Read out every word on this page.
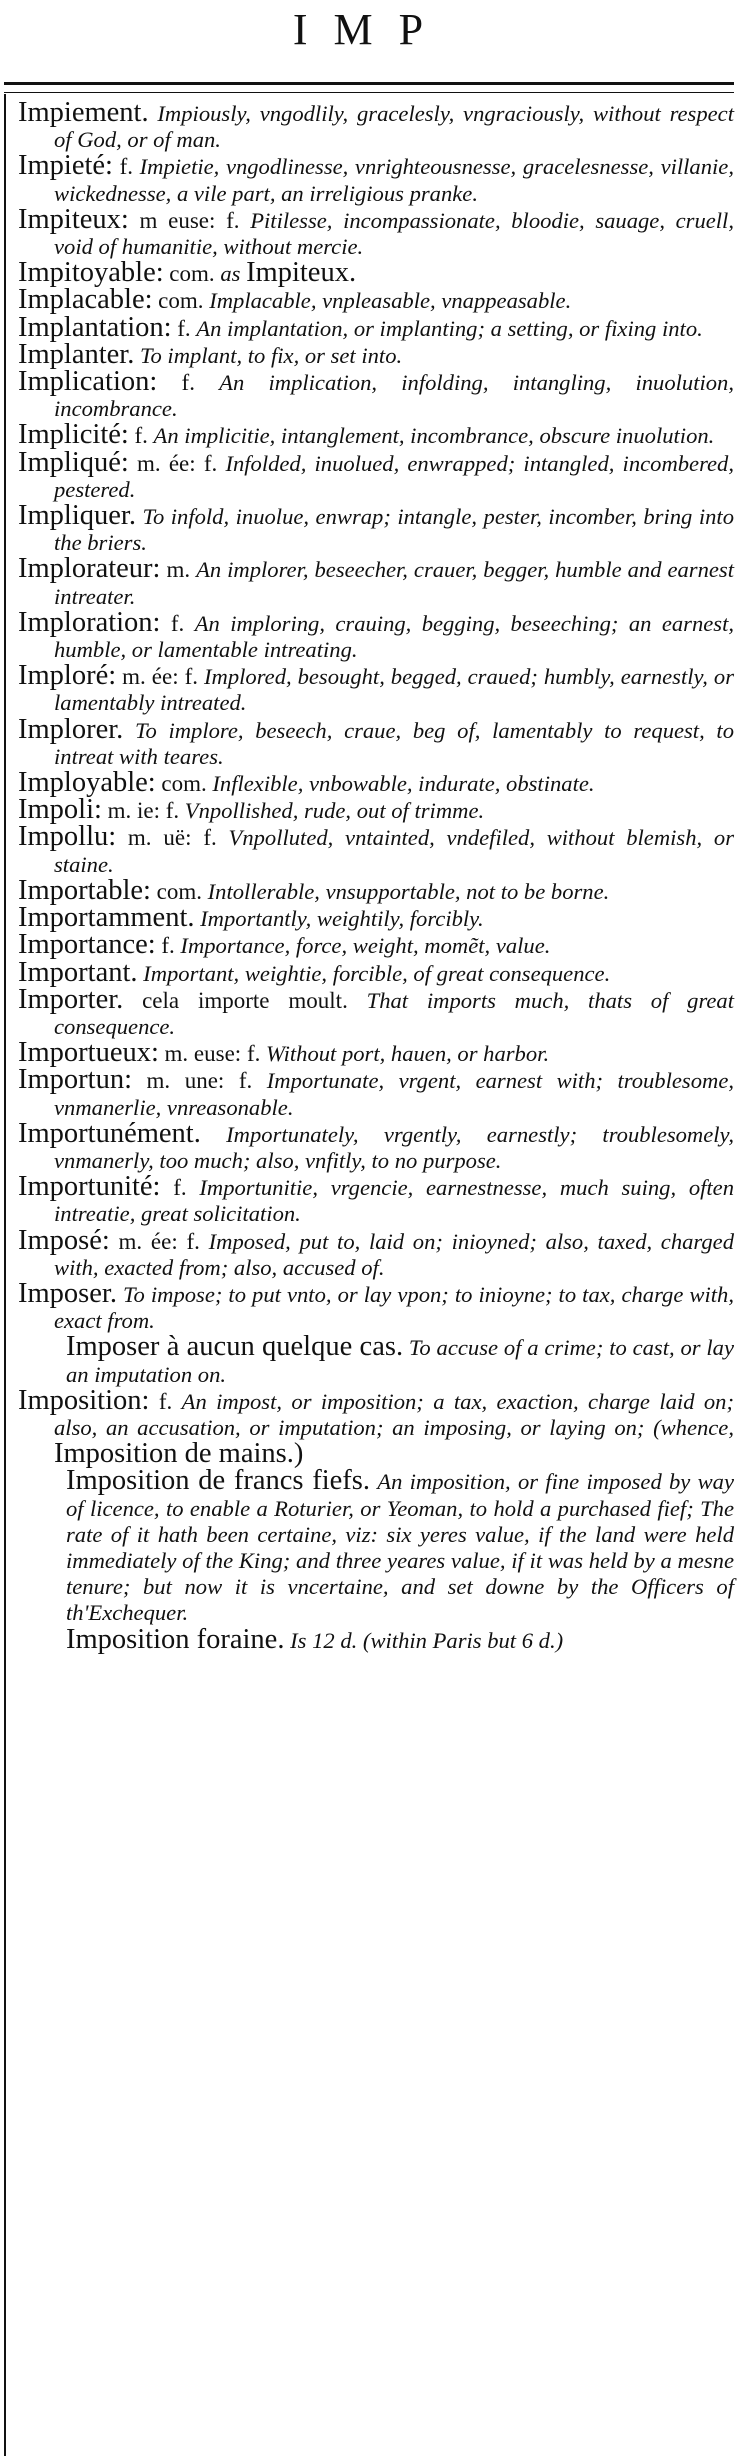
IMP

Impiement. Impiously, vngodlily, gracelesly, vngraciously, without respect of God, or of man.

Impieté: f. Impietie, vngodlinesse, vnrighteousnesse, gracelesnesse, villanie, wickednesse, a vile part, an irreligious pranke.

Impiteux: m euse: f. Pitilesse, incompassionate, bloodie, sauage, cruell, void of humanitie, without mercie.

Impitoyable: com. as Impiteux.

Implacable: com. Implacable, vnpleasable, vnappeasable.

Implantation: f. An implantation, or implanting; a setting, or fixing into.

Implanter. To implant, to fix, or set into.

Implication: f. An implication, infolding, intangling, inuolution, incombrance.

Implicité: f. An implicitie, intanglement, incombrance, obscure inuolution.

Impliqué: m. ée: f. Infolded, inuolued, enwrapped; intangled, incombered, pestered.

Impliquer. To infold, inuolue, enwrap; intangle, pester, incomber, bring into the briers.

Implorateur: m. An implorer, beseecher, crauer, begger, humble and earnest intreater.

Imploration: f. An imploring, crauing, begging, beseeching; an earnest, humble, or lamentable intreating.

Imploré: m. ée: f. Implored, besought, begged, craued; humbly, earnestly, or lamentably intreated.

Implorer. To implore, beseech, craue, beg of, lamentably to request, to intreat with teares.

Imployable: com. Inflexible, vnbowable, indurate, obstinate.

Impoli: m. ie: f. Vnpollished, rude, out of trimme.

Impollu: m. uë: f. Vnpolluted, vntainted, vndefiled, without blemish, or staine.

Importable: com. Intollerable, vnsupportable, not to be borne.

Importamment. Importantly, weightily, forcibly.

Importance: f. Importance, force, weight, momẽt, value.

Important. Important, weightie, forcible, of great consequence.

Importer. cela importe moult. That imports much, thats of great consequence.

Importueux: m. euse: f. Without port, hauen, or harbor.

Importun: m. une: f. Importunate, vrgent, earnest with; troublesome, vnmanerlie, vnreasonable.

Importunément. Importunately, vrgently, earnestly; troublesomely, vnmanerly, too much; also, vnfitly, to no purpose.

Importunité: f. Importunitie, vrgencie, earnestnesse, much suing, often intreatie, great solicitation.

Imposé: m. ée: f. Imposed, put to, laid on; inioyned; also, taxed, charged with, exacted from; also, accused of.

Imposer. To impose; to put vnto, or lay vpon; to inioyne; to tax, charge with, exact from.

Imposer à aucun quelque cas. To accuse of a crime; to cast, or lay an imputation on.

Imposition: f. An impost, or imposition; a tax, exaction, charge laid on; also, an accusation, or imputation; an imposing, or laying on; (whence, Imposition de mains.)

Imposition de francs fiefs. An imposition, or fine imposed by way of licence, to enable a Roturier, or Yeoman, to hold a purchased fief; The rate of it hath been certaine, viz: six yeres value, if the land were held immediately of the King; and three yeares value, if it was held by a mesne tenure; but now it is vncertaine, and set downe by the Officers of th'Exchequer.

Imposition foraine. Is 12 d. (within Paris but 6 d.)
